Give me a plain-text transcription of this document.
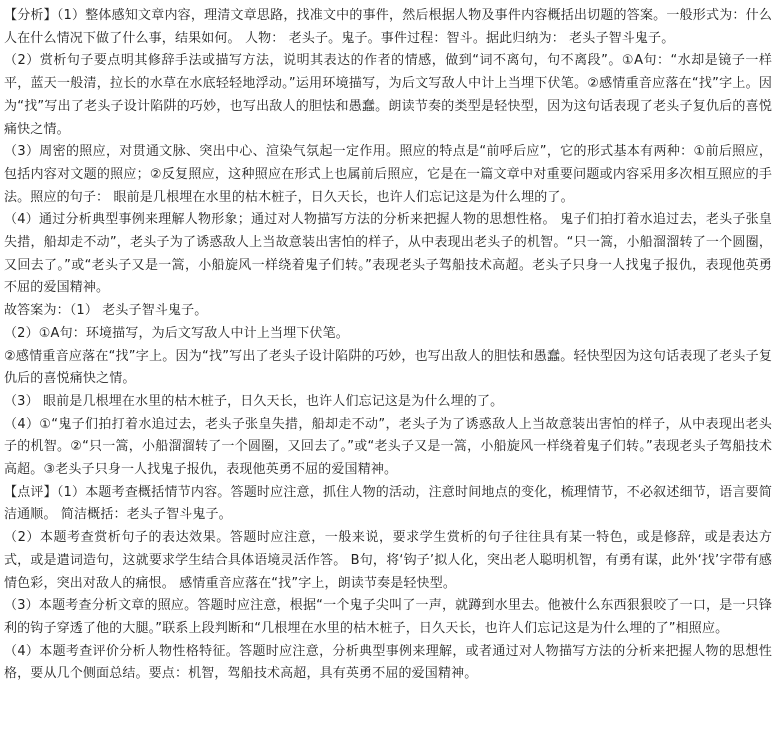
【分析】（1）整体感知文章内容，理清文章思路，找准文中的事件，然后根据人物及事件内容概括出切题的答案。一般形式为：什么人在什么情况下做了什么事，结果如何。 人物： 老头子。鬼子。事件过程：智斗。据此归纳为： 老头子智斗鬼子。

（2）赏析句子要点明其修辞手法或描写方法，说明其表达的作者的情感，做到“词不离句，句不离段”。①A句：“水却是镜子一样平，蓝天一般清，拉长的水草在水底轻轻地浮动。”运用环境描写，为后文写敌人中计上当埋下伏笔。②感情重音应落在“找”字上。因为“找”写出了老头子设计陷阱的巧妙，也写出敌人的胆怯和愚蠢。朗读节奏的类型是轻快型，因为这句话表现了老头子复仇后的喜悦痛快之情。

（3）周密的照应，对贯通文脉、突出中心、渲染气氛起一定作用。照应的特点是“前呼后应”，它的形式基本有两种：①前后照应，包括内容对文题的照应；②反复照应，这种照应在形式上也属前后照应，它是在一篇文章中对重要问题或内容采用多次相互照应的手法。照应的句子： 眼前是几根埋在水里的枯木桩子，日久天长，也许人们忘记这是为什么埋的了。

（4）通过分析典型事例来理解人物形象；通过对人物描写方法的分析来把握人物的思想性格。 鬼子们拍打着水追过去，老头子张皇失措，船却走不动”，老头子为了诱惑敌人上当故意装出害怕的样子，从中表现出老头子的机智。“只一篙，小船溜溜转了一个圆圈，又回去了。”或“老头子又是一篙，小船旋风一样绕着鬼子们转。”表现老头子驾船技术高超。老头子只身一人找鬼子报仇，表现他英勇不屈的爱国精神。

故答案为：（1） 老头子智斗鬼子。

（2）①A句：环境描写，为后文写敌人中计上当埋下伏笔。

②感情重音应落在“找”字上。因为“找”写出了老头子设计陷阱的巧妙，也写出敌人的胆怯和愚蠢。轻快型因为这句话表现了老头子复仇后的喜悦痛快之情。

（3） 眼前是几根埋在水里的枯木桩子，日久天长，也许人们忘记这是为什么埋的了。

（4）①“鬼子们拍打着水追过去，老头子张皇失措，船却走不动”，老头子为了诱惑敌人上当故意装出害怕的样子，从中表现出老头子的机智。②“只一篙，小船溜溜转了一个圆圈，又回去了。”或“老头子又是一篙，小船旋风一样绕着鬼子们转。”表现老头子驾船技术高超。③老头子只身一人找鬼子报仇，表现他英勇不屈的爱国精神。

【点评】（1）本题考查概括情节内容。答题时应注意，抓住人物的活动，注意时间地点的变化，梳理情节，不必叙述细节，语言要简洁通顺。 简洁概括：老头子智斗鬼子。

（2）本题考查赏析句子的表达效果。答题时应注意，一般来说，要求学生赏析的句子往往具有某一特色，或是修辞，或是表达方式，或是遣词造句，这就要求学生结合具体语境灵活作答。 B句，将‘钩子’拟人化，突出老人聪明机智，有勇有谋，此外‘找’字带有感情色彩，突出对敌人的痛恨。 感情重音应落在“找”字上，朗读节奏是轻快型。

（3）本题考查分析文章的照应。答题时应注意，根据“一个鬼子尖叫了一声，就蹲到水里去。他被什么东西狠狠咬了一口，是一只锋利的钩子穿透了他的大腿。”联系上段判断和“几根埋在水里的枯木桩子，日久天长，也许人们忘记这是为什么埋的了”相照应。

（4）本题考查评价分析人物性格特征。答题时应注意，分析典型事例来理解，或者通过对人物描写方法的分析来把握人物的思想性格，要从几个侧面总结。要点：机智，驾船技术高超，具有英勇不屈的爱国精神。
